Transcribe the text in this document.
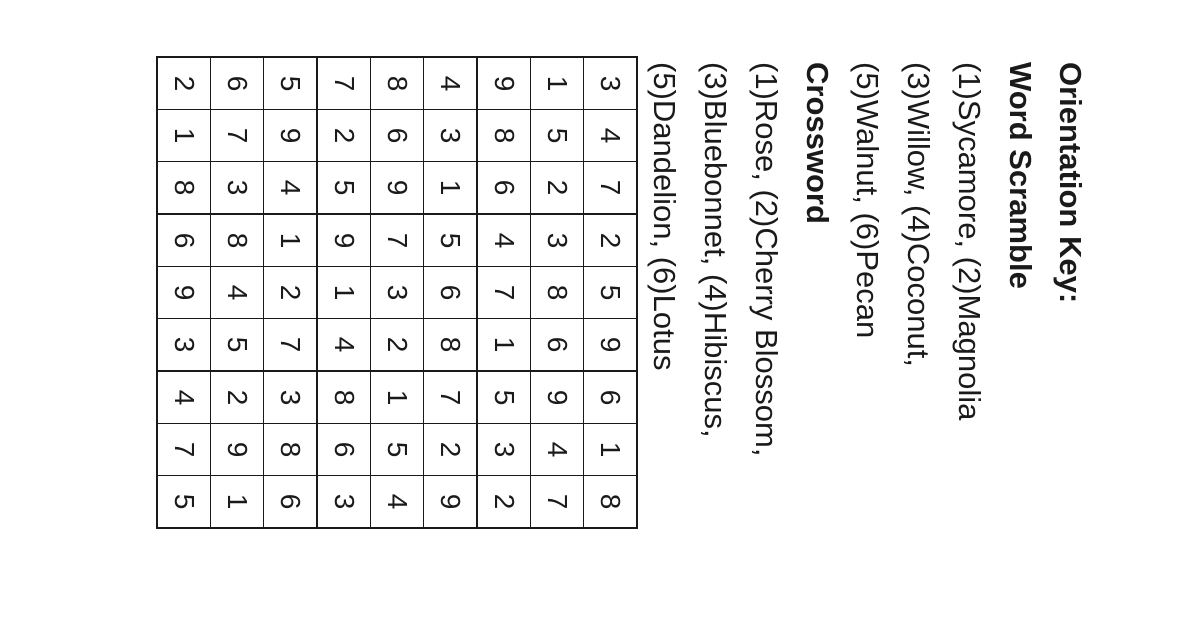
Orientation Key:

Word Scramble

(1)Sycamore, (2)Magnolia

(3)Willow, (4)Coconut,

(5)Walnut, (6)Pecan

Crossword

(1)Rose, (2)Cherry Blossom,

(3)Bluebonnet, (4)Hibiscus,

(5)Dandelion, (6)Lotus

3	4	7	2	5	9	6	1	8
1	5	2	3	8	6	9	4	7
9	8	6	4	7	1	5	3	2
4	3	1	5	6	8	7	2	9
8	6	9	7	3	2	1	5	4
7	2	5	9	1	4	8	6	3
5	9	4	1	2	7	3	8	6
6	7	3	8	4	5	2	9	1
2	1	8	6	9	3	4	7	5
